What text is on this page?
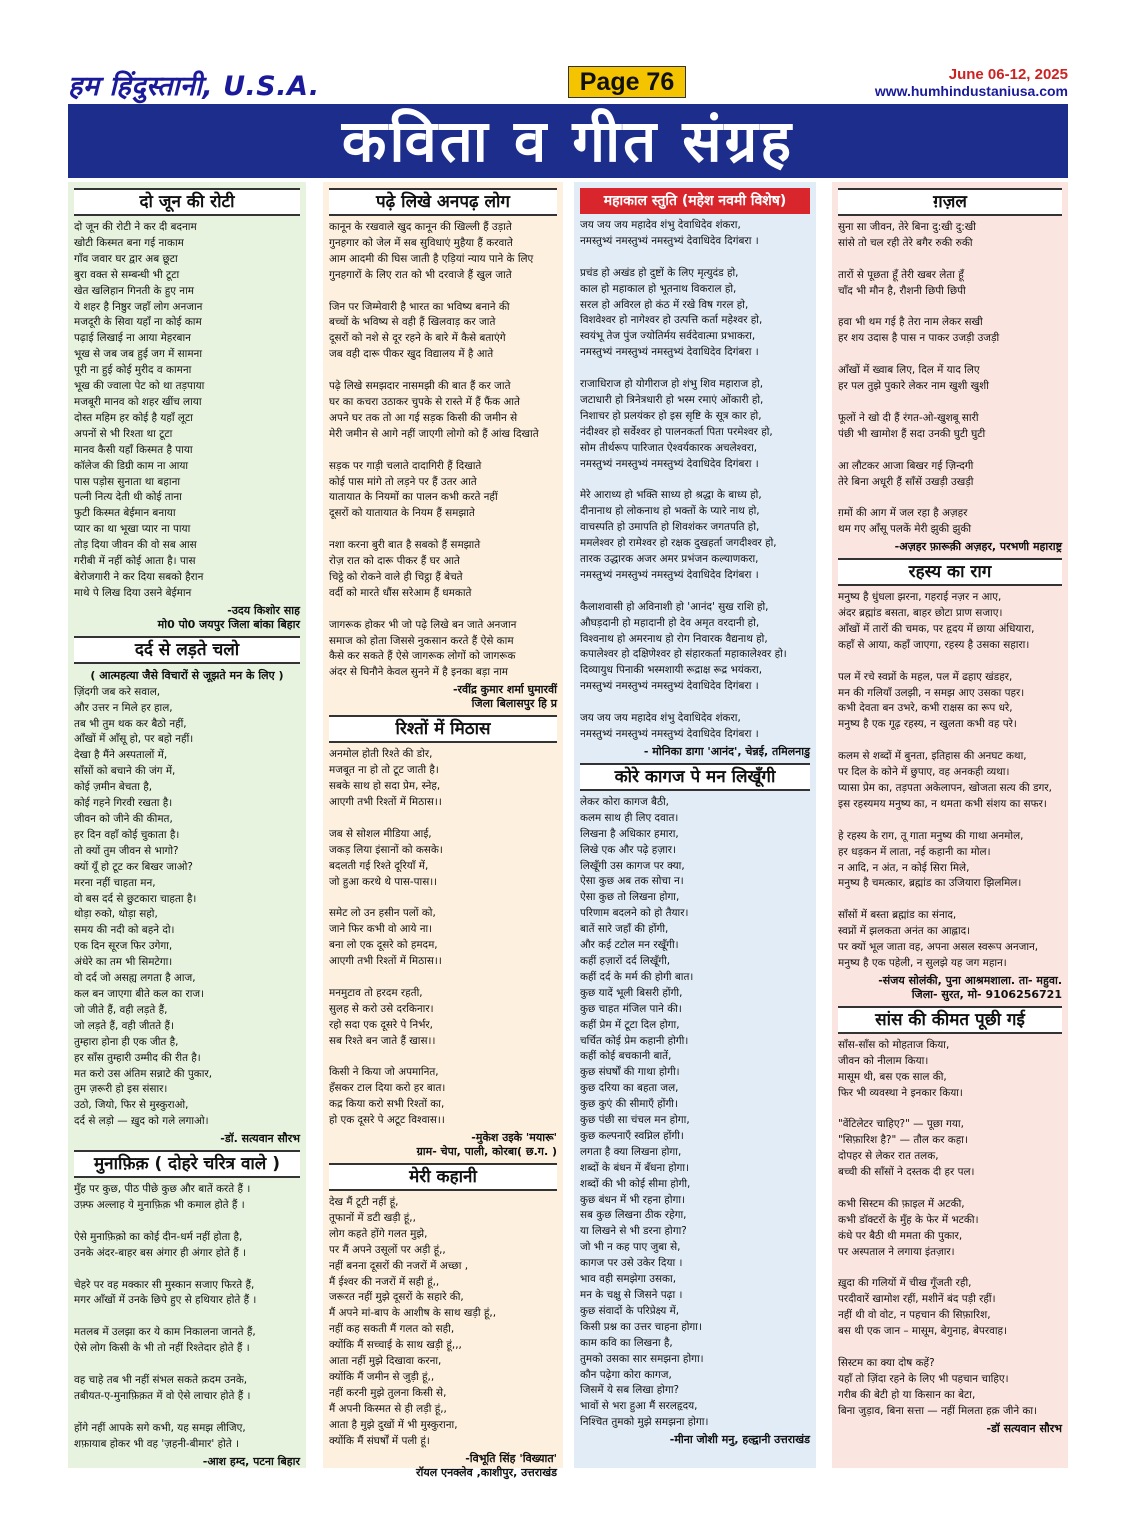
हम हिंदुस्तानी, U.S.A.	Page 76	June 06-12, 2025
www.humhindustaniusa.com
कविता व गीत संग्रह
दो जून की रोटी
दो जून की रोटी ने कर दी बदनाम
खोटी किस्मत बना गई नाकाम
गाँव जवार घर द्वार अब छूटा
बुरा वक्त से सम्बन्धी भी टूटा
खेत खलिहान गिनती के हुए नाम
ये शहर है निष्ठुर जहाँ लोग अनजान
मजदूरी के सिवा यहाँ ना कोई काम
पढ़ाई लिखाई ना आया मेहरबान
भूख से जब जब हुई जग में सामना
पूरी ना हुई कोई मुरीद व कामना
भूख की ज्वाला पेट को था तड़पाया
मजबूरी मानव को शहर खींच लाया
दोस्त महिम हर कोई है यहाँ लूटा
अपनों से भी रिश्ता था टूटा
मानव कैसी यहाँ किस्मत है पाया
कॉलेज की डिग्री काम ना आया
पास पड़ोस सुनाता था बहाना
पत्नी नित्य देती थी कोई ताना
फुटी किस्मत बेईमान बनाया
प्यार का था भूखा प्यार ना पाया
तोड़ दिया जीवन की वो सब आस
गरीबी में नहीं कोई आता है। पास
बेरोजगारी ने कर दिया सबको हैरान
माथे पे लिख दिया उसने बेईमान
-उदय किशोर साह
मो0 पो0 जयपुर जिला बांका बिहार
दर्द से लड़ते चलो
( आत्महत्या जैसे विचारों से जूझते मन के लिए )
ज़िंदगी जब करे सवाल,
और उत्तर न मिले हर हाल,
तब भी तुम थक कर बैठो नहीं,
आँखों में आँसू हो, पर बहो नहीं।
देखा है मैंने अस्पतालों में,
साँसों को बचाने की जंग में,
कोई ज़मीन बेचता है,
कोई गहने गिरवी रखता है।
जीवन को जीने की कीमत,
हर दिन वहाँ कोई चुकाता है।
तो क्यों तुम जीवन से भागो?
क्यों यूँ हो टूट कर बिखर जाओ?
मरना नहीं चाहता मन,
वो बस दर्द से छुटकारा चाहता है।
थोड़ा रुको, थोड़ा सहो,
समय की नदी को बहने दो।
एक दिन सूरज फिर उगेगा,
अंधेरे का तम भी सिमटेगा।
वो दर्द जो असह्य लगता है आज,
कल बन जाएगा बीते कल का राज।
जो जीते हैं, वही लड़ते हैं,
जो लड़ते हैं, वही जीतते हैं।
तुम्हारा होना ही एक जीत है,
हर साँस तुम्हारी उम्मीद की रीत है।
मत करो उस अंतिम सन्नाटे की पुकार,
तुम ज़रूरी हो इस संसार।
उठो, जियो, फिर से मुस्कुराओ,
दर्द से लड़ो — ख़ुद को गले लगाओ।
-डॉ. सत्यवान सौरभ
मुनाफ़िक़ ( दोहरे चरित्र वाले )
मुँह पर कुछ, पीठ पीछे कुछ और बातें करते हैं ।
उफ़्फ अल्लाह ये मुनाफ़िक़ भी कमाल होते हैं ।

ऐसे मुनाफ़िक़ो का कोई दीन-धर्म नहीं होता है,
उनके अंदर-बाहर बस अंगार ही अंगार होते हैं ।

चेहरे पर वह मक्कार सी मुस्कान सजाए फिरते हैं,
मगर आँखों में उनके छिपे हुए से हथियार होते हैं ।

मतलब में उलझा कर ये काम निकालना जानते हैं,
ऐसे लोग किसी के भी तो नहीं रिश्तेदार होते हैं ।

वह चाहे तब भी नहीं संभल सकते क़दम उनके,
तबीयत-ए-मुनाफ़िक़त में वो ऐसे लाचार होते हैं ।

होंगे नहीं आपके सगे कभी, यह समझ लीजिए,
शफ़ायाब होकर भी वह 'ज़हनी-बीमार' होते ।
-आश हम्द, पटना बिहार
पढ़े लिखे अनपढ़ लोग
कानून के रखवाले खुद कानून की खिल्ली हैं उड़ाते
गुनहगार को जेल में सब सुविधाएं मुहैया हैं करवाते
आम आदमी की घिस जाती है एड़ियां न्याय पाने के लिए
गुनहगारों के लिए रात को भी दरवाजे हैं खुल जाते

जिन पर जिम्मेवारी है भारत का भविष्य बनाने की
बच्चों के भविष्य से वही हैं खिलवाड़ कर जाते
दूसरों को नशे से दूर रहने के बारे में कैसे बताएंगे
जब वही दारू पीकर खुद विद्यालय में है आते

पढ़े लिखे समझदार नासमझी की बात हैं कर जाते
घर का कचरा उठाकर चुपके से रास्ते में हैं फैंक आते
अपने घर तक तो आ गई सड़क किसी की जमीन से
मेरी जमीन से आगे नहीं जाएगी लोगो को हैं आंख दिखाते

सड़क पर गाड़ी चलाते दादागिरी हैं दिखाते
कोई पास मांगे तो लड़ने पर हैं उतर आते
यातायात के नियमों का पालन कभी करते नहीं
दूसरों को यातायात के नियम हैं समझाते

नशा करना बुरी बात है सबको हैं समझाते
रोज़ रात को दारू पीकर हैं घर आते
चिट्ठे को रोकने वाले ही चिट्ठा हैं बेचते
वर्दी को मारते धौंस सरेआम हैं धमकाते

जागरूक होकर भी जो पढ़े लिखे बन जाते अनजान
समाज को होता जिससे नुकसान करते हैं ऐसे काम
कैसे कर सकते हैं ऐसे जागरूक लोगों को जागरूक
अंदर से घिनौने केवल सुनने में है इनका बड़ा नाम
-रवींद्र कुमार शर्मा घुमारवीं
जिला बिलासपुर हि प्र
रिश्तों में मिठास
अनमोल होती रिश्ते की डोर,
मजबूत ना हो तो टूट जाती है।
सबके साथ हो सदा प्रेम, स्नेह,
आएगी तभी रिश्तों में मिठास।।

जब से सोशल मीडिया आई,
जकड़ लिया इंसानों को कसके।
बदलती गई रिश्ते दूरियाँ में,
जो हुआ करथे थे पास-पास।।

समेट लो उन हसीन पलों को,
जाने फिर कभी वो आये ना।
बना लो एक दूसरे को हमदम,
आएगी तभी रिश्तों में मिठास।।

मनमुटाव तो हरदम रहती,
सुलह से करो उसे दरकिनार।
रहो सदा एक दूसरे पे निर्भर,
सब रिश्ते बन जाते हैं खास।।

किसी ने किया जो अपमानित,
हँसकर टाल दिया करो हर बात।
कद्र किया करो सभी रिश्तों का,
हो एक दूसरे पे अटूट विश्वास।।
-मुकेश उइके 'मयारू'
ग्राम- चेपा, पाली, कोरबा( छ.ग. )
मेरी कहानी
देख मैं टूटी नहीं हूं,
तूफानों में डटी खड़ी हूं,,
लोग कहते होंगे गलत मुझे,
पर मैं अपने उसूलों पर अड़ी हूं,,
नहीं बनना दूसरों की नजरों में अच्छा ,
मैं ईश्वर की नजरों में सही हूं,,
जरूरत नहीं मुझे दूसरों के सहारे की,
मैं अपने मां-बाप के आशीष के साथ खड़ी हूं,,
नहीं कह सकती मैं गलत को सही,
क्योंकि मैं सच्चाई के साथ खड़ी हूं,,,
आता नहीं मुझे दिखावा करना,
क्योंकि मैं जमीन से जुड़ी हूं,,
नहीं करनी मुझे तुलना किसी से,
मैं अपनी किस्मत से ही लड़ी हूं,,
आता है मुझे दुखों में भी मुस्कुराना,
क्योंकि मैं संघर्षों में पली हूं।
-विभूति सिंह 'विख्यात'
रॉयल एनक्लेव ,काशीपुर, उत्तराखंड
महाकाल स्तुति (महेश नवमी विशेष)
जय जय जय महादेव शंभु देवाधिदेव शंकरा,
नमस्तुभ्यं नमस्तुभ्यं नमस्तुभ्यं देवाधिदेव दिगंबरा ।

प्रचंड हो अखंड हो दुष्टों के लिए मृत्युदंड हो,
काल हो महाकाल हो भूतनाथ विकराल हो,
सरल हो अविरल हो कंठ में रखे विष गरल हो,
विशवेश्वर हो नागेश्वर हो उत्पत्ति कर्ता महेश्वर हो,
स्वयंभू तेज पुंज ज्योतिर्मय सर्वदेवात्मा प्रभाकरा,
नमस्तुभ्यं नमस्तुभ्यं नमस्तुभ्यं देवाधिदेव दिगंबरा ।

राजाधिराज हो योगीराज हो शंभु शिव महाराज हो,
जटाधारी हो त्रिनेत्रधारी हो भस्म रमाएं ओंकारी हो,
निशाचर हो प्रलयंकर हो इस सृष्टि के सूत्र कार हो,
नंदीश्वर हो सर्वेश्वर हो पालनकर्ता पिता परमेश्वर हो,
सोम तीर्थरूप पारिजात ऐश्वर्यकारक अचलेश्वरा,
नमस्तुभ्यं नमस्तुभ्यं नमस्तुभ्यं देवाधिदेव दिगंबरा ।

मेरे आराध्य हो भक्ति साध्य हो श्रद्धा के बाध्य हो,
दीनानाथ हो लोकनाथ हो भक्तों के प्यारे नाथ हो,
वाचस्पति हो उमापति हो शिवशंकर जगतपति हो,
ममलेश्वर हो रामेश्वर हो रक्षक दुखहर्ता जगदीश्वर हो,
तारक उद्धारक अजर अमर प्रभंजन कल्याणकरा,
नमस्तुभ्यं नमस्तुभ्यं नमस्तुभ्यं देवाधिदेव दिगंबरा ।

कैलाशवासी हो अविनाशी हो 'आनंद' सुख राशि हो,
औघड़दानी हो महादानी हो देव अमृत वरदानी हो,
विश्वनाथ हो अमरनाथ हो रोग निवारक वैद्यनाथ हो,
कपालेश्वर हो दक्षिणेश्वर हो संहारकर्ता महाकालेश्वर हो।
दिव्यायुध पिनाकी भस्मशायी रूद्राक्ष रूद्र भयंकरा,
नमस्तुभ्यं नमस्तुभ्यं नमस्तुभ्यं देवाधिदेव दिगंबरा ।

जय जय जय महादेव शंभु देवाधिदेव शंकरा,
नमस्तुभ्यं नमस्तुभ्यं नमस्तुभ्यं देवाधिदेव दिगंबरा ।
- मोनिका डागा 'आनंद', चेन्नई, तमिलनाडु
कोरे कागज पे मन लिखूँगी
लेकर कोरा कागज बैठी,
कलम साथ ही लिए दवात।
लिखना है अधिकार हमारा,
लिखे एक और पढ़े हज़ार।
लिखूँगी उस कागज पर क्या,
ऐसा कुछ अब तक सोचा न।
ऐसा कुछ तो लिखना होगा,
परिणाम बदलने को हो तैयार।
बातें सारे जहाँ की होंगी,
और कई टटोल मन रखूँगी।
कहीं हज़ारों दर्द लिखूँगी,
कहीं दर्द के मर्म की होगी बात।
कुछ यादें भूली बिसरी होंगी,
कुछ चाहत मंजिल पाने की।
कहीं प्रेम में टूटा दिल होगा,
चर्चित कोई प्रेम कहानी होगी।
कहीं कोई बचकानी बातें,
कुछ संघर्षों की गाथा होगी।
कुछ दरिया का बहता जल,
कुछ कुएं की सीमाएँ होंगी।
कुछ पंछी सा चंचल मन होगा,
कुछ कल्पनाएँ स्वप्निल होंगी।
लगता है क्या लिखना होगा,
शब्दों के बंधन में बँधना होगा।
शब्दों की भी कोई सीमा होगी,
कुछ बंधन में भी रहना होगा।
सब कुछ लिखना ठीक रहेगा,
या लिखने से भी डरना होगा?
जो भी न कह पाए जुबा से,
कागज पर उसे उकेर दिया ।
भाव वही समझेगा उसका,
मन के चक्षु से जिसने पढ़ा ।
कुछ संवादों के परिप्रेक्ष्य में,
किसी प्रश्न का उत्तर चाहना होगा।
काम कवि का लिखना है,
तुमको उसका सार समझना होगा।
कौन पढ़ेगा कोरा कागज,
जिसमें ये सब लिखा होगा?
भावों से भरा हुआ मैं सरलहृदय,
निश्चित तुमको मुझे समझना होगा।
-मीना जोशी मनु, हल्द्वानी उत्तराखंड
ग़ज़ल
सुना सा जीवन, तेरे बिना दु:खी दु:खी
सांसे तो चल रही तेरे बगैर रुकी रुकी

तारों से पूछता हूँ तेरी खबर लेता हूँ
चाँद भी मौन है, रौशनी छिपी छिपी

हवा भी थम गई है तेरा नाम लेकर सखी
हर शय उदास है पास न पाकर उजड़ी उजड़ी

आँखों में ख्वाब लिए, दिल में याद लिए
हर पल तुझे पुकारे लेकर नाम खुशी खुशी

फूलों ने खो दी हैं रंगत-ओ-खुशबू सारी
पंछी भी खामोश हैं सदा उनकी घुटी घुटी

आ लौटकर आजा बिखर गई ज़िन्दगी
तेरे बिना अधूरी हैं साँसें उखड़ी उखड़ी

ग़मों की आग में जल रहा है अज़हर
थम गए आँसू पलकें मेरी झुकी झुकी
-अज़हर फ़ारूक़ी अज़हर, परभणी महाराष्ट्र
रहस्य का राग
मनुष्य है धुंधला झरना, गहराई नज़र न आए,
अंदर ब्रह्मांड बसता, बाहर छोटा प्राण सजाए।
आँखों में तारों की चमक, पर हृदय में छाया अंधियारा,
कहाँ से आया, कहाँ जाएगा, रहस्य है उसका सहारा।

पल में रचे स्वप्नों के महल, पल में ढहाए खंडहर,
मन की गलियाँ उलझी, न समझ आए उसका पहर।
कभी देवता बन उभरे, कभी राक्षस का रूप धरे,
मनुष्य है एक गूढ़ रहस्य, न खुलता कभी वह परे।

कलम से शब्दों में बुनता, इतिहास की अनघट कथा,
पर दिल के कोने में छुपाए, वह अनकही व्यथा।
प्यासा प्रेम का, तड़पता अकेलापन, खोजता सत्य की डगर,
इस रहस्यमय मनुष्य का, न थमता कभी संशय का सफर।

हे रहस्य के राग, तू गाता मनुष्य की गाथा अनमोल,
हर धड़कन में लाता, नई कहानी का मोल।
न आदि, न अंत, न कोई सिरा मिले,
मनुष्य है चमत्कार, ब्रह्मांड का उजियारा झिलमिल।

साँसों में बस्ता ब्रह्मांड का संनाद,
स्वप्नों में झलकता अनंत का आह्लाद।
पर क्यों भूल जाता वह, अपना असल स्वरूप अनजान,
मनुष्य है एक पहेली, न सुलझे यह जग महान।
-संजय सोलंकी, पुना आश्रमशाला. ता- महुवा.
जिला- सुरत, मो- 9106256721
सांस की कीमत पूछी गई
साँस-साँस को मोहताज किया,
जीवन को नीलाम किया।
मासूम थी, बस एक साल की,
फिर भी व्यवस्था ने इनकार किया।

"वेंटिलेटर चाहिए?" — पूछा गया,
"सिफ़ारिश है?" — तौल कर कहा।
दोपहर से लेकर रात तलक,
बच्ची की साँसों ने दस्तक दी हर पल।

कभी सिस्टम की फ़ाइल में अटकी,
कभी डॉक्टरों के मुँह के फेर में भटकी।
कंधे पर बैठी थी ममता की पुकार,
पर अस्पताल ने लगाया इंतज़ार।

ख़ुदा की गलियों में चीख गूँजती रही,
परदीवारें खामोश रहीं, मशीनें बंद पड़ी रहीं।
नहीं थी वो वोट, न पहचान की सिफ़ारिश,
बस थी एक जान – मासूम, बेगुनाह, बेपरवाह।

सिस्टम का क्या दोष कहें?
यहाँ तो ज़िंदा रहने के लिए भी पहचान चाहिए।
गरीब की बेटी हो या किसान का बेटा,
बिना जुड़ाव, बिना सत्ता — नहीं मिलता हक़ जीने का।
-डॉ सत्यवान सौरभ
